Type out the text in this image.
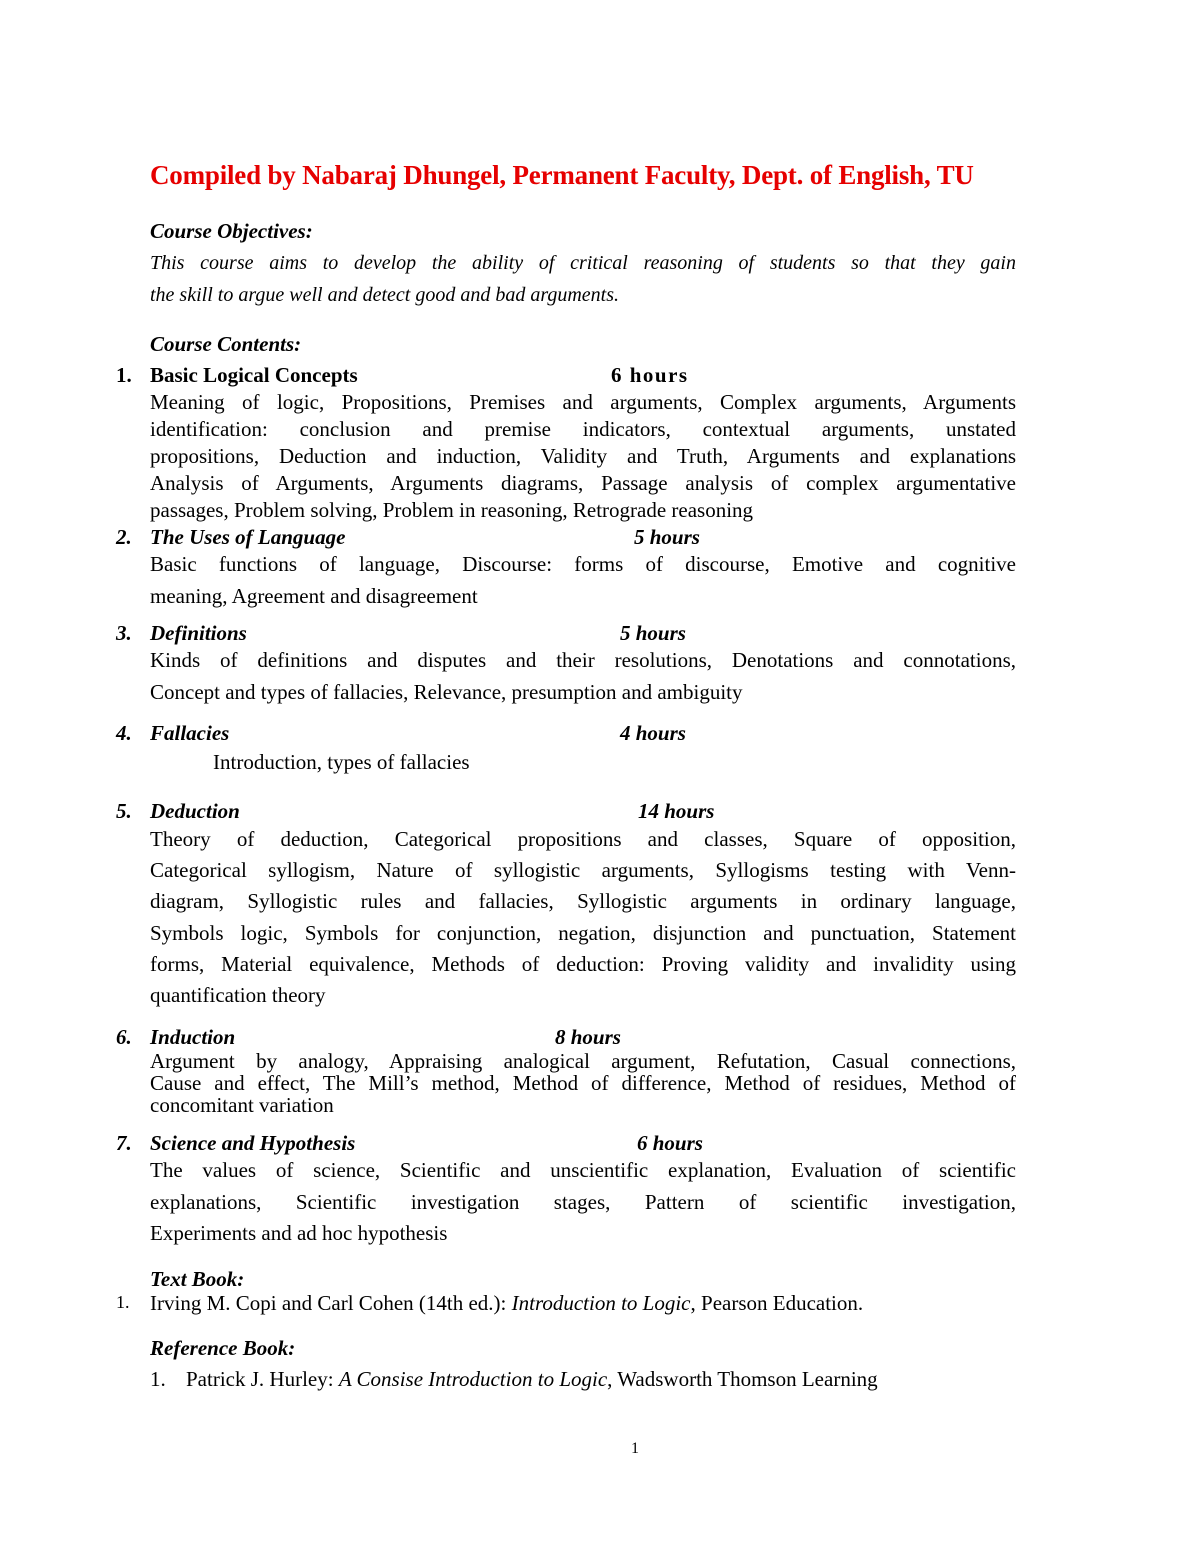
Compiled by Nabaraj Dhungel, Permanent Faculty, Dept. of English, TU
Course Objectives:
This course aims to develop the ability of critical reasoning of students so that they gain
the skill to argue well and detect good and bad arguments.
Course Contents:
1. Basic Logical Concepts	6 hours
Meaning of logic, Propositions, Premises and arguments, Complex arguments, Arguments
identification: conclusion and premise indicators, contextual arguments, unstated
propositions, Deduction and induction, Validity and Truth, Arguments and explanations
Analysis of Arguments, Arguments diagrams, Passage analysis of complex argumentative
passages, Problem solving, Problem in reasoning, Retrograde reasoning
2. The Uses of Language	5 hours
Basic functions of language, Discourse: forms of discourse, Emotive and cognitive
meaning, Agreement and disagreement
3. Definitions	5 hours
Kinds of definitions and disputes and their resolutions, Denotations and connotations,
Concept and types of fallacies, Relevance, presumption and ambiguity
4. Fallacies	4 hours
Introduction, types of fallacies
5. Deduction	14 hours
Theory of deduction, Categorical propositions and classes, Square of opposition,
Categorical syllogism, Nature of syllogistic arguments, Syllogisms testing with Venn-
diagram, Syllogistic rules and fallacies, Syllogistic arguments in ordinary language,
Symbols logic, Symbols for conjunction, negation, disjunction and punctuation, Statement
forms, Material equivalence, Methods of deduction: Proving validity and invalidity using
quantification theory
6. Induction	8 hours
Argument by analogy, Appraising analogical argument, Refutation, Casual connections,
Cause and effect, The Mill’s method, Method of difference, Method of residues, Method of
concomitant variation
7. Science and Hypothesis	6 hours
The values of science, Scientific and unscientific explanation, Evaluation of scientific
explanations, Scientific investigation stages, Pattern of scientific investigation,
Experiments and ad hoc hypothesis
Text Book:
1. Irving M. Copi and Carl Cohen (14th ed.): Introduction to Logic, Pearson Education.
Reference Book:
1. Patrick J. Hurley: A Consise Introduction to Logic, Wadsworth Thomson Learning
1
